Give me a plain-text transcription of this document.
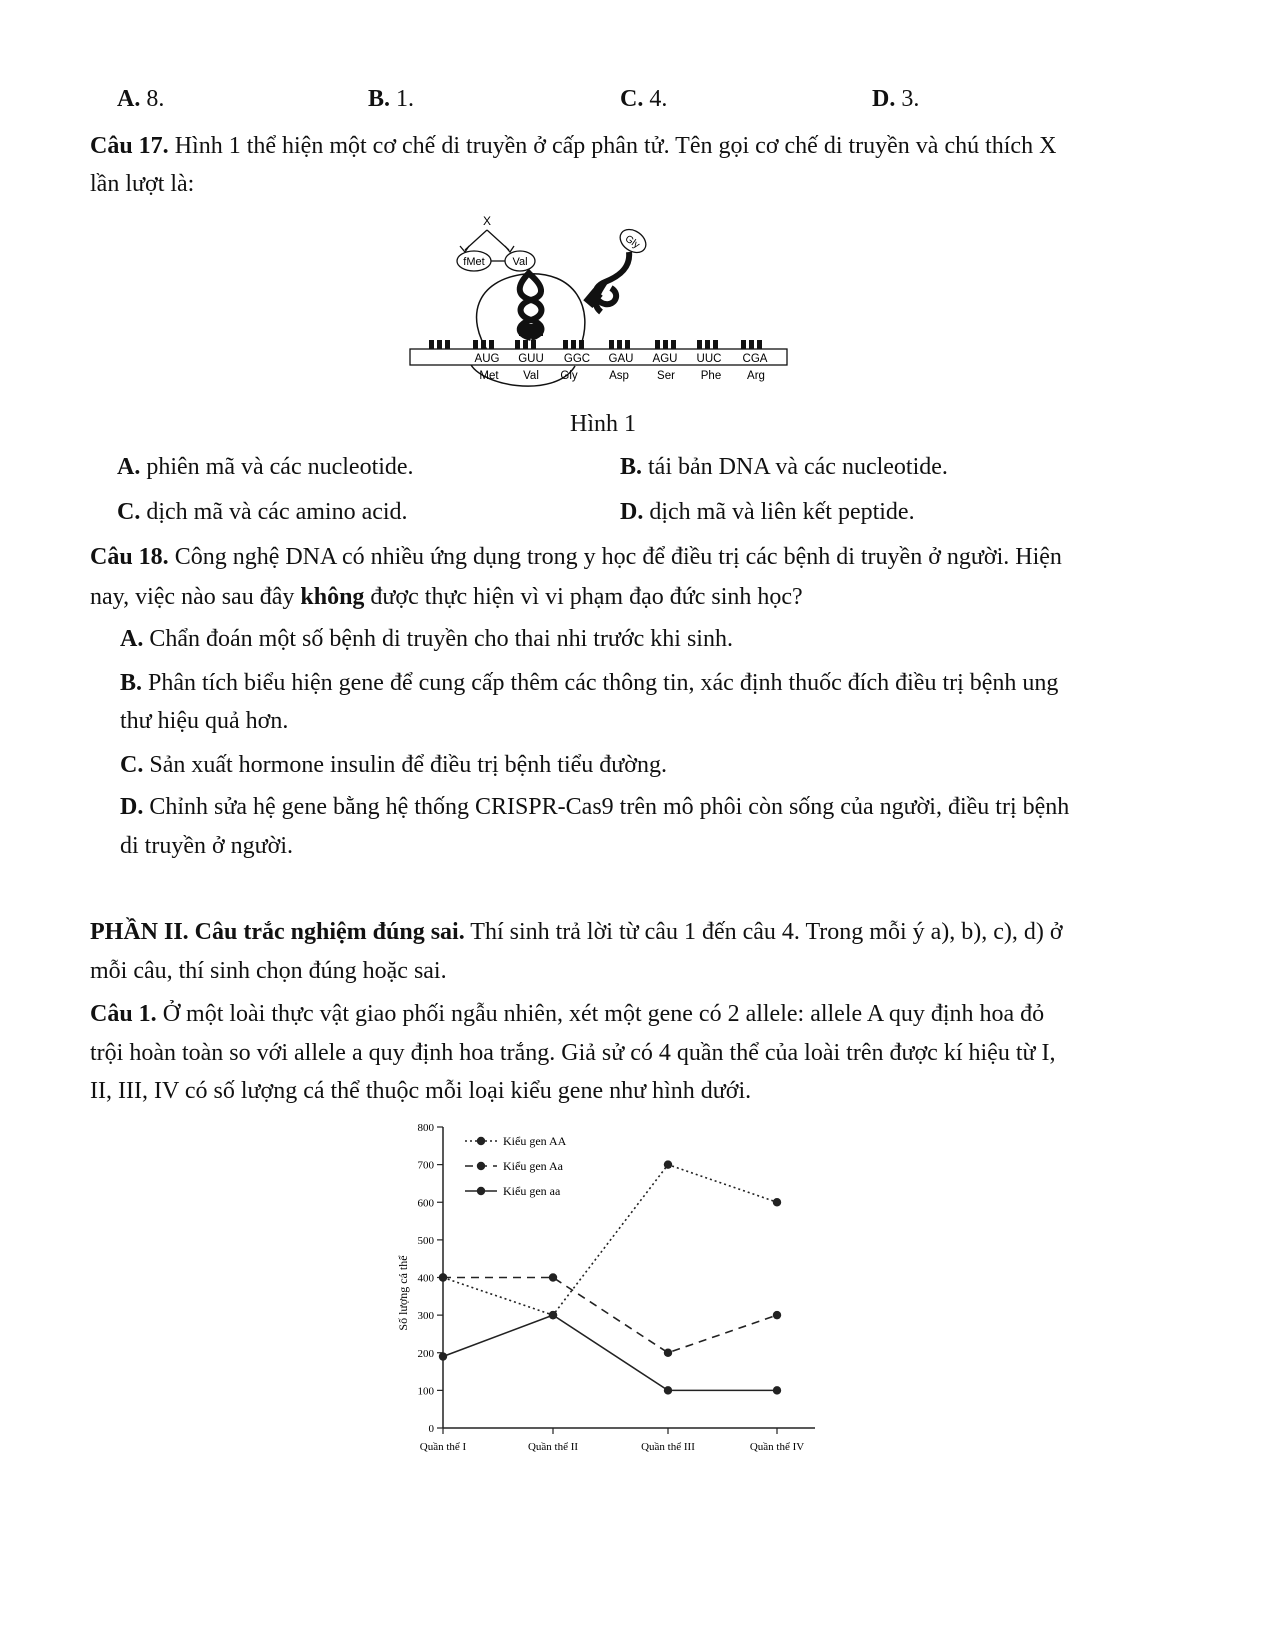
A. 8.	B. 1.	C. 4.	D. 3.
Câu 17. Hình 1 thể hiện một cơ chế di truyền ở cấp phân tử. Tên gọi cơ chế di truyền và chú thích X
lần lượt là:
X
fMet	Val
Gly
AUG GUU GGC GAU AGU UUC CGA
Met Val Gly	Asp Ser Phe Arg
Hình 1
A. phiên mã và các nucleotide.	B. tái bản DNA và các nucleotide.
C. dịch mã và các amino acid.	D. dịch mã và liên kết peptide.
Câu 18. Công nghệ DNA có nhiều ứng dụng trong y học để điều trị các bệnh di truyền ở người. Hiện
nay, việc nào sau đây không được thực hiện vì vi phạm đạo đức sinh học?
A. Chẩn đoán một số bệnh di truyền cho thai nhi trước khi sinh.
B. Phân tích biểu hiện gene để cung cấp thêm các thông tin, xác định thuốc đích điều trị bệnh ung
thư hiệu quả hơn.
C. Sản xuất hormone insulin để điều trị bệnh tiểu đường.
D. Chỉnh sửa hệ gene bằng hệ thống CRISPR-Cas9 trên mô phôi còn sống của người, điều trị bệnh
di truyền ở người.
PHẦN II. Câu trắc nghiệm đúng sai. Thí sinh trả lời từ câu 1 đến câu 4. Trong mỗi ý a), b), c), d) ở
mỗi câu, thí sinh chọn đúng hoặc sai.
Câu 1. Ở một loài thực vật giao phối ngẫu nhiên, xét một gene có 2 allele: allele A quy định hoa đỏ
trội hoàn toàn so với allele a quy định hoa trắng. Giả sử có 4 quần thể của loài trên được kí hiệu từ I,
II, III, IV có số lượng cá thể thuộc mỗi loại kiểu gene như hình dưới.
0
100
200
300
400
500
600
700
800
Quần thể I	Quần thể II	Quần thể III	Quần thể IV
Số lượng cá thể
Kiểu gen AA
Kiểu gen Aa
Kiểu gen aa
